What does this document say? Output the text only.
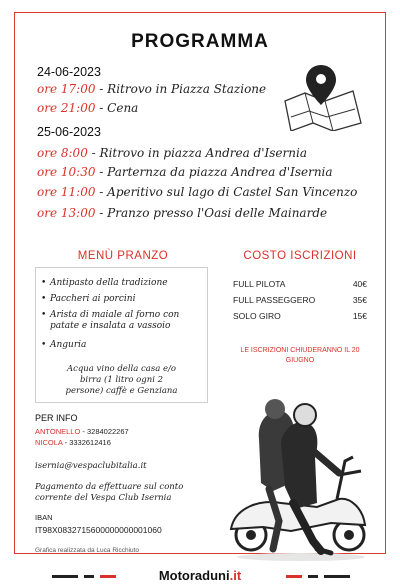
PROGRAMMA
24-06-2023
ore 17:00 - Ritrovo in Piazza Stazione
ore 21:00 - Cena
25-06-2023
ore 8:00 - Ritrovo in piazza Andrea d'Isernia
ore 10:30 - Parternza da piazza Andrea d'Isernia
ore 11:00 - Aperitivo sul lago di Castel San Vincenzo
ore 13:00 - Pranzo presso l'Oasi delle Mainarde
MENÙ PRANZO
• Antipasto della tradizione
• Paccheri ai porcini
• Arista di maiale al forno con patate e insalata a vassoio
• Anguria
Acqua vino della casa e/o birra (1 litro ogni 2 persone) caffè e Genziana
COSTO ISCRIZIONI
FULL PILOTA	40€
FULL PASSEGGERO	35€
SOLO GIRO	15€
LE ISCRIZIONI CHIUDERANNO IL 20 GIUGNO
PER INFO
ANTONELLO - 3284022267
NICOLA - 3332612416
isernia@vespaclubitalia.it
Pagamento da effettuare sul conto corrente del Vespa Club Isernia
IBAN
IT98X0832715600000000001060
Grafica realizzata da Luca Ricchiuto
Motoraduni.it
